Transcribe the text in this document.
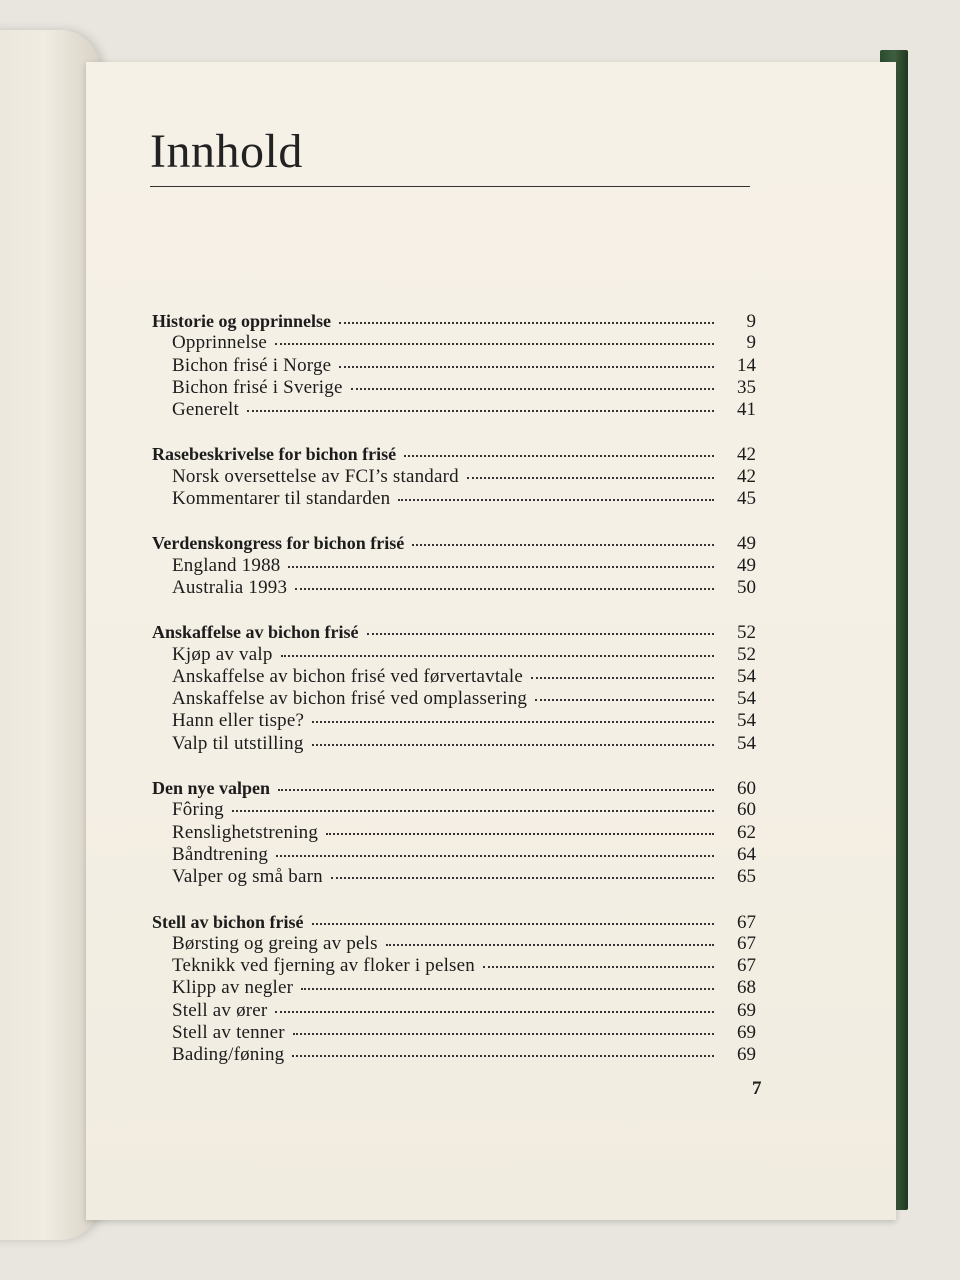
Innhold
Historie og opprinnelse	9
Opprinnelse	9
Bichon frisé i Norge	14
Bichon frisé i Sverige	35
Generelt	41
Rasebeskrivelse for bichon frisé	42
Norsk oversettelse av FCI’s standard	42
Kommentarer til standarden	45
Verdenskongress for bichon frisé	49
England 1988	49
Australia 1993	50
Anskaffelse av bichon frisé	52
Kjøp av valp	52
Anskaffelse av bichon frisé ved førvertavtale	54
Anskaffelse av bichon frisé ved omplassering	54
Hann eller tispe?	54
Valp til utstilling	54
Den nye valpen	60
Fôring	60
Renslighetstrening	62
Båndtrening	64
Valper og små barn	65
Stell av bichon frisé	67
Børsting og greing av pels	67
Teknikk ved fjerning av floker i pelsen	67
Klipp av negler	68
Stell av ører	69
Stell av tenner	69
Bading/føning	69
7
